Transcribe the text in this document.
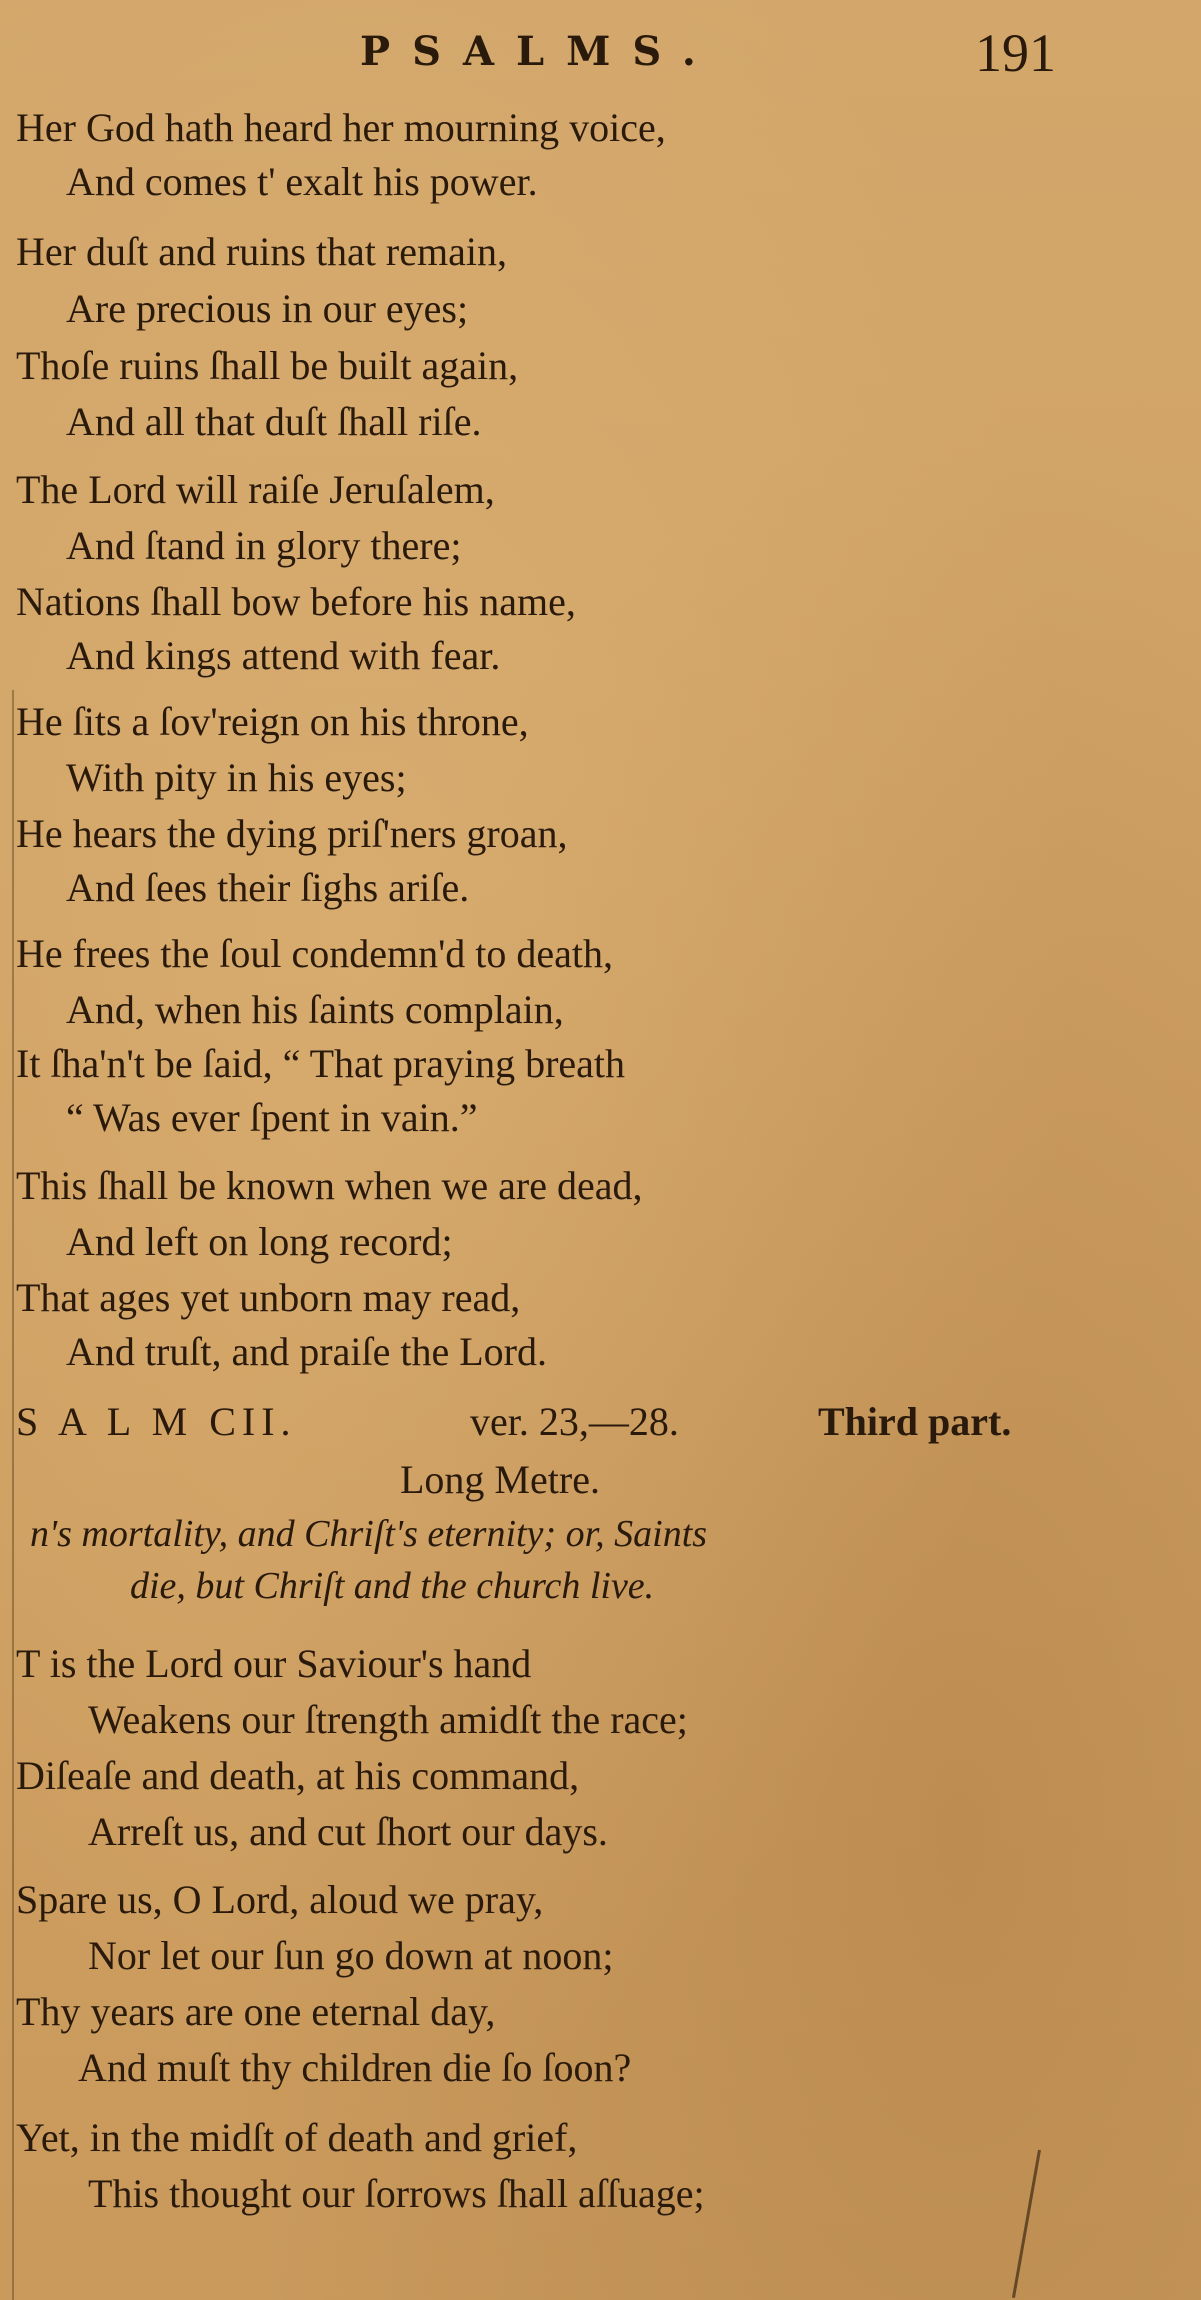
PSALMS.	191
Her God hath heard her mourning voice,
And comes t' exalt his power.
Her duſt and ruins that remain,
Are precious in our eyes;
Thoſe ruins ſhall be built again,
And all that duſt ſhall riſe.
The Lord will raiſe Jeruſalem,
And ſtand in glory there;
Nations ſhall bow before his name,
And kings attend with fear.
He ſits a ſov'reign on his throne,
With pity in his eyes;
He hears the dying priſ'ners groan,
And ſees their ſighs ariſe.
He frees the ſoul condemn'd to death,
And, when his ſaints complain,
It ſha'n't be ſaid, “ That praying breath
“ Was ever ſpent in vain.”
This ſhall be known when we are dead,
And left on long record;
That ages yet unborn may read,
And truſt, and praiſe the Lord.
S A L M CII.	ver. 23,—28.	Third part.
Long Metre.
n's mortality, and Chriſt's eternity; or, Saints
die, but Chriſt and the church live.
T is the Lord our Saviour's hand
Weakens our ſtrength amidſt the race;
Diſeaſe and death, at his command,
Arreſt us, and cut ſhort our days.
Spare us, O Lord, aloud we pray,
Nor let our ſun go down at noon;
Thy years are one eternal day,
And muſt thy children die ſo ſoon?
Yet, in the midſt of death and grief,
This thought our ſorrows ſhall aſſuage;
